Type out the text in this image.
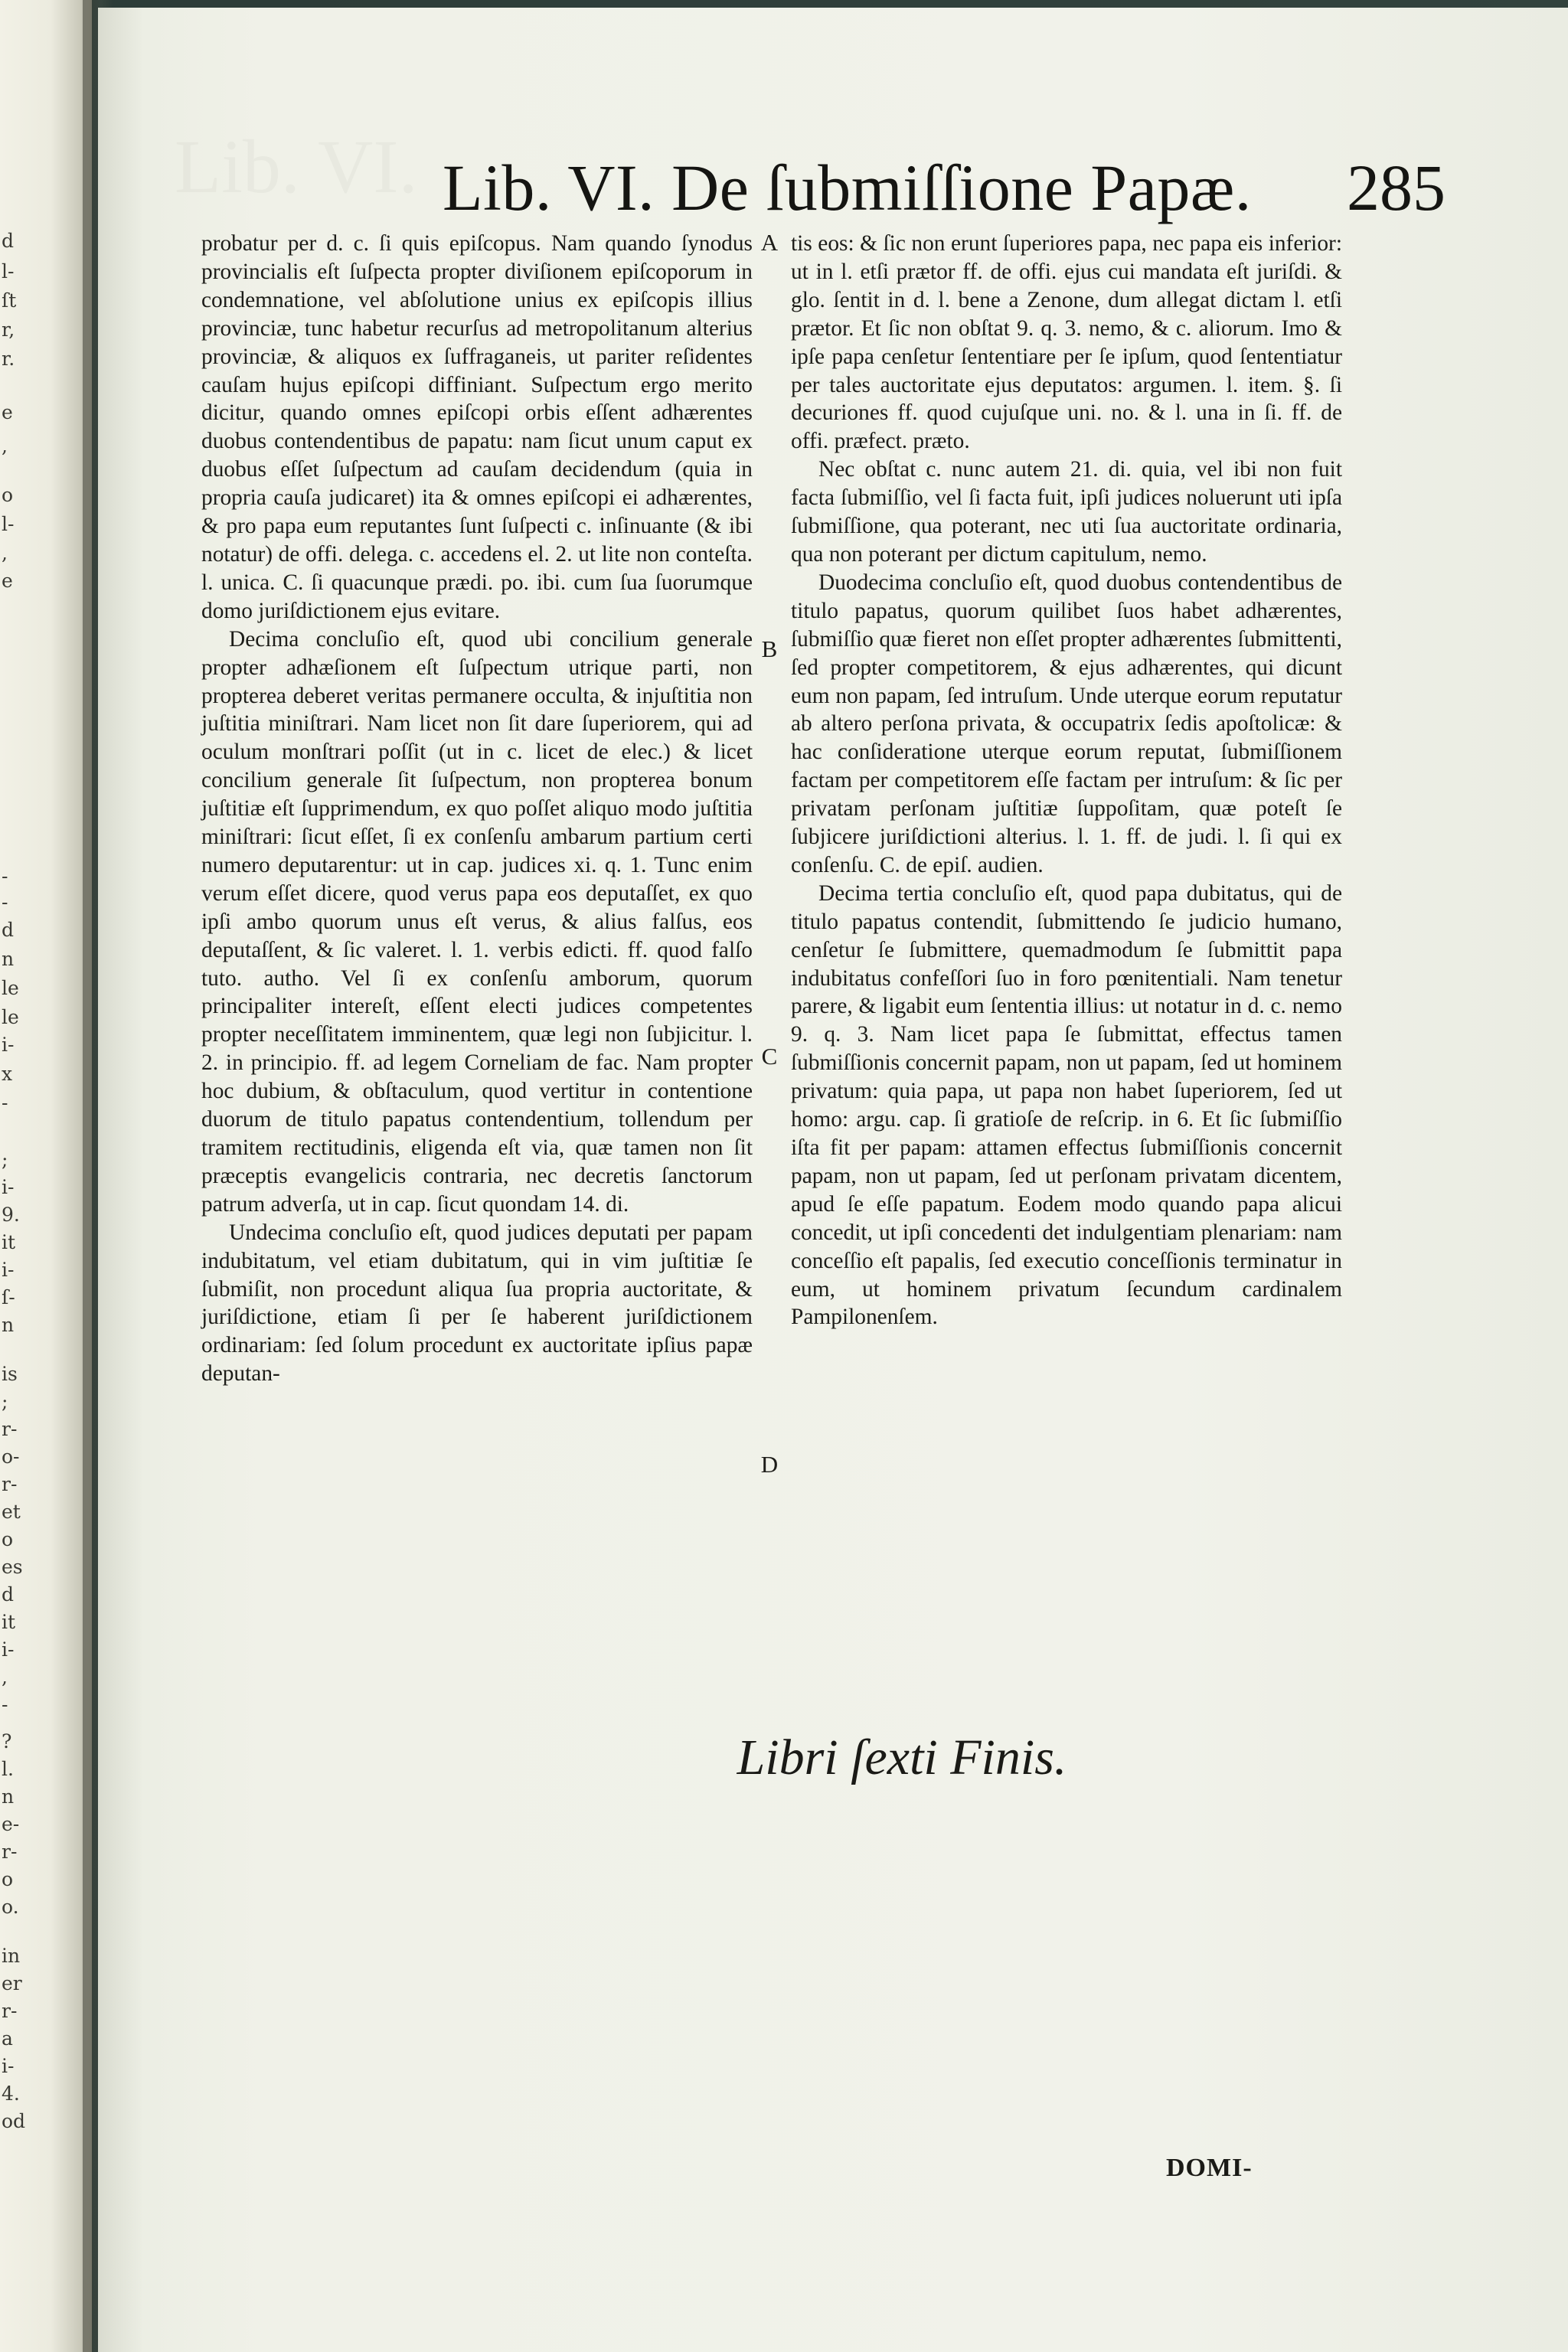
d
l-
ſt
r,
r.
e
,
o
l-
,
e
-
-
d
n
le
le
i-
x
-
;
i-
9.
it
i-
ſ-
n
is
;
r-
o-
r-
et
o
es
d
it
i-
,
-
?
l.
n
e-
r-
o
o.
in
er
r-
a
i-
4.
od
Lib. VI. Lib. VI. De ſubmiſſione Papæ. 285

probatur per d. c. ſi quis epiſcopus. Nam quando ſynodus provincialis eſt ſuſpecta propter diviſionem epiſcoporum in condemnatione, vel abſolutione unius ex epiſcopis illius provinciæ, tunc habetur recurſus ad metropolitanum alterius provinciæ, & aliquos ex ſuffraganeis, ut pariter reſidentes cauſam hujus epiſcopi diffiniant. Suſpectum ergo merito dicitur, quando omnes epiſcopi orbis eſſent adhærentes duobus contendentibus de papatu: nam ſicut unum caput ex duobus eſſet ſuſpectum ad cauſam decidendum (quia in propria cauſa judicaret) ita & omnes epiſcopi ei adhærentes, & pro papa eum reputantes ſunt ſuſpecti c. inſinuante (& ibi notatur) de offi. delega. c. accedens el. 2. ut lite non conteſta. l. unica. C. ſi quacunque prædi. po. ibi. cum ſua ſuorumque domo juriſdictionem ejus evitare.

Decima concluſio eſt, quod ubi concilium generale propter adhæſionem eſt ſuſpectum utrique parti, non propterea deberet veritas permanere occulta, & injuſtitia non juſtitia miniſtrari. Nam licet non ſit dare ſuperiorem, qui ad oculum monſtrari poſſit (ut in c. licet de elec.) & licet concilium generale ſit ſuſpectum, non propterea bonum juſtitiæ eſt ſupprimendum, ex quo poſſet aliquo modo juſtitia miniſtrari: ſicut eſſet, ſi ex conſenſu ambarum partium certi numero deputarentur: ut in cap. judices xi. q. 1. Tunc enim verum eſſet dicere, quod verus papa eos deputaſſet, ex quo ipſi ambo quorum unus eſt verus, & alius falſus, eos deputaſſent, & ſic valeret. l. 1. verbis edicti. ff. quod falſo tuto. autho. Vel ſi ex conſenſu amborum, quorum principaliter intereſt, eſſent electi judices competentes propter neceſſitatem imminentem, quæ legi non ſubjicitur. l. 2. in principio. ff. ad legem Corneliam de fac. Nam propter hoc dubium, & obſtaculum, quod vertitur in contentione duorum de titulo papatus contendentium, tollendum per tramitem rectitudinis, eligenda eſt via, quæ tamen non ſit præceptis evangelicis contraria, nec decretis ſanctorum patrum adverſa, ut in cap. ſicut quondam 14. di.

Undecima concluſio eſt, quod judices deputati per papam indubitatum, vel etiam dubitatum, qui in vim juſtitiæ ſe ſubmiſit, non procedunt aliqua ſua propria auctoritate, & juriſdictione, etiam ſi per ſe haberent juriſdictionem ordinariam: ſed ſolum procedunt ex auctoritate ipſius papæ deputan-

A
B
C
D

tis eos: & ſic non erunt ſuperiores papa, nec papa eis inferior: ut in l. etſi prætor ff. de offi. ejus cui mandata eſt juriſdi. & glo. ſentit in d. l. bene a Zenone, dum allegat dictam l. etſi prætor. Et ſic non obſtat 9. q. 3. nemo, & c. aliorum. Imo & ipſe papa cenſetur ſententiare per ſe ipſum, quod ſententiatur per tales auctoritate ejus deputatos: argumen. l. item. §. ſi decuriones ff. quod cujuſque uni. no. & l. una in ſi. ff. de offi. præfect. præto.

Nec obſtat c. nunc autem 21. di. quia, vel ibi non fuit facta ſubmiſſio, vel ſi facta fuit, ipſi judices noluerunt uti ipſa ſubmiſſione, qua poterant, nec uti ſua auctoritate ordinaria, qua non poterant per dictum capitulum, nemo.

Duodecima concluſio eſt, quod duobus contendentibus de titulo papatus, quorum quilibet ſuos habet adhærentes, ſubmiſſio quæ fieret non eſſet propter adhærentes ſubmittenti, ſed propter competitorem, & ejus adhærentes, qui dicunt eum non papam, ſed intruſum. Unde uterque eorum reputatur ab altero perſona privata, & occupatrix ſedis apoſtolicæ: & hac conſideratione uterque eorum reputat, ſubmiſſionem factam per competitorem eſſe factam per intruſum: & ſic per privatam perſonam juſtitiæ ſuppoſitam, quæ poteſt ſe ſubjicere juriſdictioni alterius. l. 1. ff. de judi. l. ſi qui ex conſenſu. C. de epiſ. audien.

Decima tertia concluſio eſt, quod papa dubitatus, qui de titulo papatus contendit, ſubmittendo ſe judicio humano, cenſetur ſe ſubmittere, quemadmodum ſe ſubmittit papa indubitatus confeſſori ſuo in foro pœnitentiali. Nam tenetur parere, & ligabit eum ſententia illius: ut notatur in d. c. nemo 9. q. 3. Nam licet papa ſe ſubmittat, effectus tamen ſubmiſſionis concernit papam, non ut papam, ſed ut hominem privatum: quia papa, ut papa non habet ſuperiorem, ſed ut homo: argu. cap. ſi gratioſe de reſcrip. in 6. Et ſic ſubmiſſio iſta fit per papam: attamen effectus ſubmiſſionis concernit papam, non ut papam, ſed ut perſonam privatam dicentem, apud ſe eſſe papatum. Eodem modo quando papa alicui concedit, ut ipſi concedenti det indulgentiam plenariam: nam conceſſio eſt papalis, ſed executio conceſſionis terminatur in eum, ut hominem privatum ſecundum cardinalem Pampilonenſem.

Libri ſexti Finis.
DOMI-
